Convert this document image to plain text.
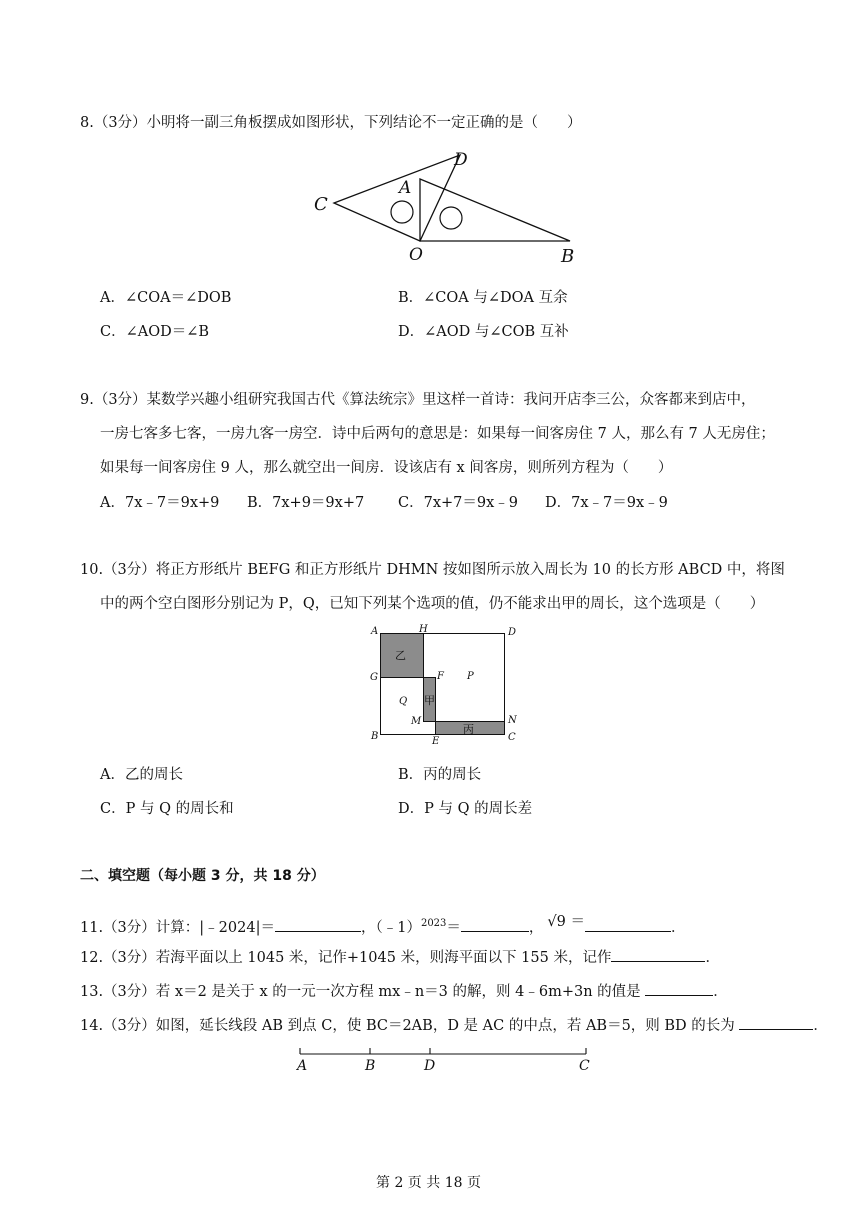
8.（3分）小明将一副三角板摆成如图形状，下列结论不一定正确的是（　　）
C
A
D
O	B
A．∠COA＝∠DOB	B．∠COA 与∠DOA 互余
C．∠AOD＝∠B	D．∠AOD 与∠COB 互补
9.（3分）某数学兴趣小组研究我国古代《算法统宗》里这样一首诗：我问开店李三公，众客都来到店中，
一房七客多七客，一房九客一房空．诗中后两句的意思是：如果每一间客房住 7 人，那么有 7 人无房住；
如果每一间客房住 9 人，那么就空出一间房．设该店有 x 间客房，则所列方程为（　　）
A．7x﹣7＝9x+9 B．7x+9＝9x+7 C．7x+7＝9x﹣9 D．7x﹣7＝9x﹣9
10.（3分）将正方形纸片 BEFG 和正方形纸片 DHMN 按如图所示放入周长为 10 的长方形 ABCD 中，将图
中的两个空白图形分别记为 P，Q，已知下列某个选项的值，仍不能求出甲的周长，这个选项是（　　）
A	H	D
乙
G	F P
甲
Q
M	N
丙
B	E	C
A．乙的周长	B．丙的周长
C．P 与 Q 的周长和	D．P 与 Q 的周长差
二、填空题（每小题 3 分，共 18 分）
11.（3分）计算：|﹣2024|＝	，（﹣1）$^{2023}$＝	， √9 ＝	．
12.（3分）若海平面以上 1045 米，记作+1045 米，则海平面以下 155 米，记作	．
13.（3分）若 x＝2 是关于 x 的一元一次方程 mx﹣n＝3 的解，则 4﹣6m+3n 的值是	．
14.（3分）如图，延长线段 AB 到点 C，使 BC＝2AB，D 是 AC 的中点，若 AB＝5，则 BD 的长为	．
A	B	D	C
第 2 页 共 18 页
